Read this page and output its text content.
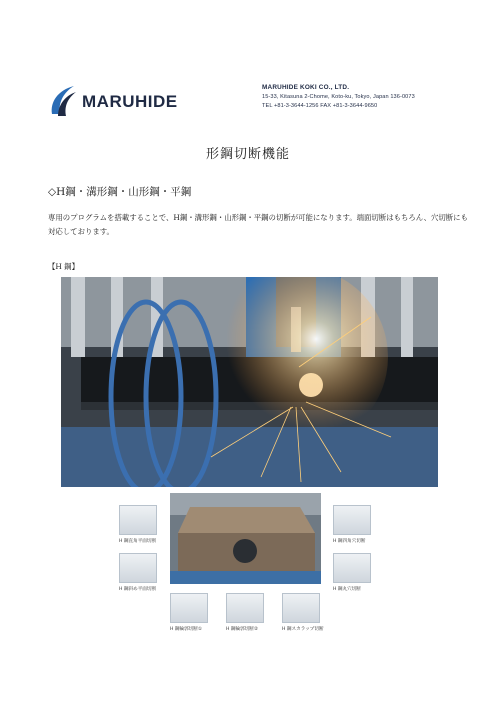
MARUHIDE
MARUHIDE KOKI CO., LTD.
15-33, Kitasuna 2-Chome, Koto-ku, Tokyo, Japan 136-0073
TEL +81-3-3644-1256 FAX +81-3-3644-9650
形鋼切断機能
◇H鋼・溝形鋼・山形鋼・平鋼
専用のプログラムを搭載することで、H鋼・溝形鋼・山形鋼・平鋼の切断が可能になります。端面切断はもちろん、穴切断にも対応しております。
【H 鋼】
H 鋼直角平面切断
H 鋼斜め平面切断
H 鋼輪郭切断①	H 鋼輪郭切断②	H 鋼スカラップ切断
H 鋼四角穴切断
H 鋼丸穴切断
